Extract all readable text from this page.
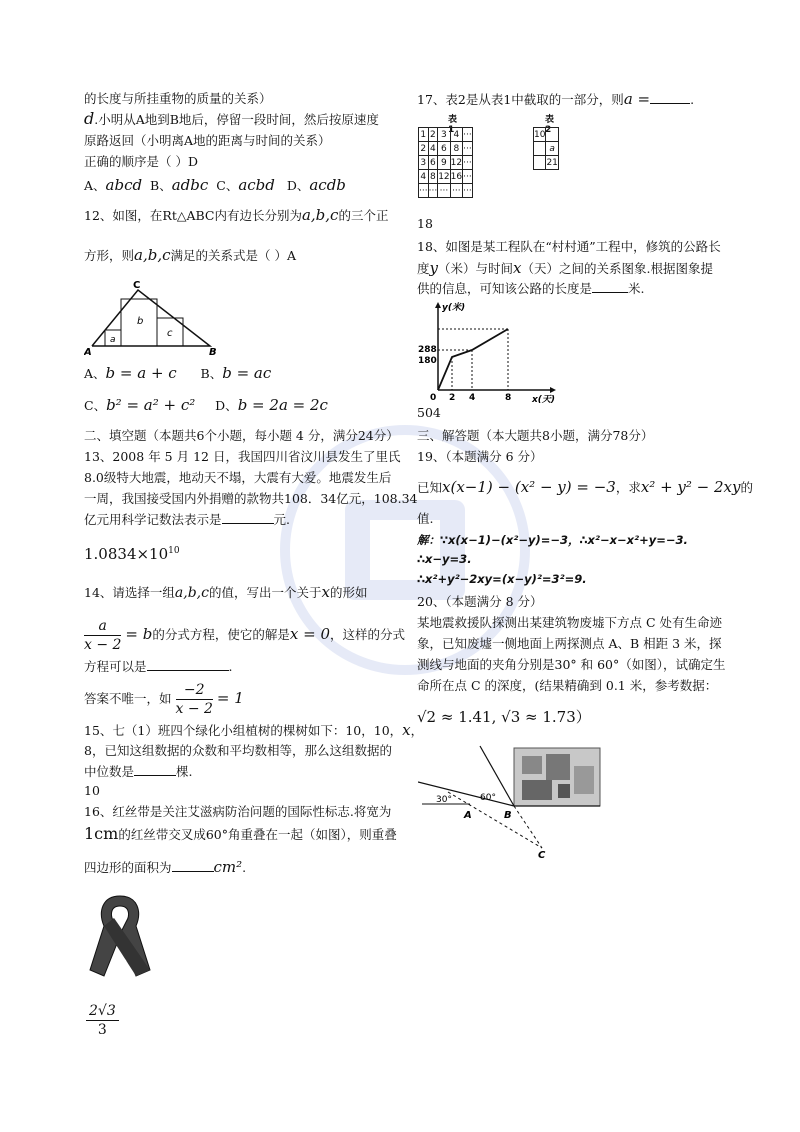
的长度与所挂重物的质量的关系）
d.小明从A地到B地后，停留一段时间，然后按原速度
原路返回（小明离A地的距离与时间的关系）
正确的顺序是（ ）D
A、abcd B、adbc C、acbd D、acdb
12、如图，在Rt△ABC内有边长分别为a,b,c的三个正
方形，则a,b,c满足的关系式是（ ）A
C
b
c
a
A	B
A、b = a + c B、b = ac
C、b² = a² + c² D、b = 2a = 2c
二、填空题（本题共6个小题，每小题 4 分，满分24分）
13、2008 年 5 月 12 日，我国四川省汶川县发生了里氏
8.0级特大地震，地动天不塌，大震有大爱。地震发生后
一周，我国接受国内外捐赠的款物共108．34亿元，108.34
亿元用科学记数法表示是	元.
$1.0834\times 10^{10}$
14、请选择一组a,b,c的值，写出一个关于x的形如
$\frac{a}{x - 2} = b$的分式方程，使它的解是x = 0，这样的分式
方程可以是	.
答案不唯一，如 $\frac{-2}{x - 2} = 1$
15、七（1）班四个绿化小组植树的棵树如下：10，10，x，
8，已知这组数据的众数和平均数相等，那么这组数据的
中位数是	棵.
10
16、红丝带是关注艾滋病防治问题的国际性标志.将宽为
1cm的红丝带交叉成60°角重叠在一起（如图），则重叠
四边形的面积为	cm².
60°
$\frac{2√3}{3}$
17、表2是从表1中截取的一部分，则a =	.
表 1
1	2	3	4	···
2	4	6	8	···
3	6	9	12	···
4	8	12	16	···
···	···	···	···	···
表 2
10	
	a
	21
18
18、如图是某工程队在“村村通”工程中，修筑的公路长
度y（米）与时间x（天）之间的关系图象.根据图象提
供的信息，可知该公路的长度是	米.
y(米)
x(天)
288
180
0 2 4	8
504
三、解答题（本大题共8小题，满分78分）
19、（本题满分 6 分）
已知x(x−1) − (x² − y) = −3，求x² + y² − 2xy的
值.
解：∵x(x−1)−(x²−y)=−3，∴x²−x−x²+y=−3.
∴x−y=3.
∴x²+y²−2xy=(x−y)²=3²=9.
20、（本题满分 8 分）
某地震救援队探测出某建筑物废墟下方点 C 处有生命迹
象，已知废墟一侧地面上两探测点 A、B 相距 3 米，探
测线与地面的夹角分别是30° 和 60°（如图），试确定生
命所在点 C 的深度，(结果精确到 0.1 米，参考数据：
√2 ≈ 1.41, √3 ≈ 1.73）
30°	60°
A	B
C
